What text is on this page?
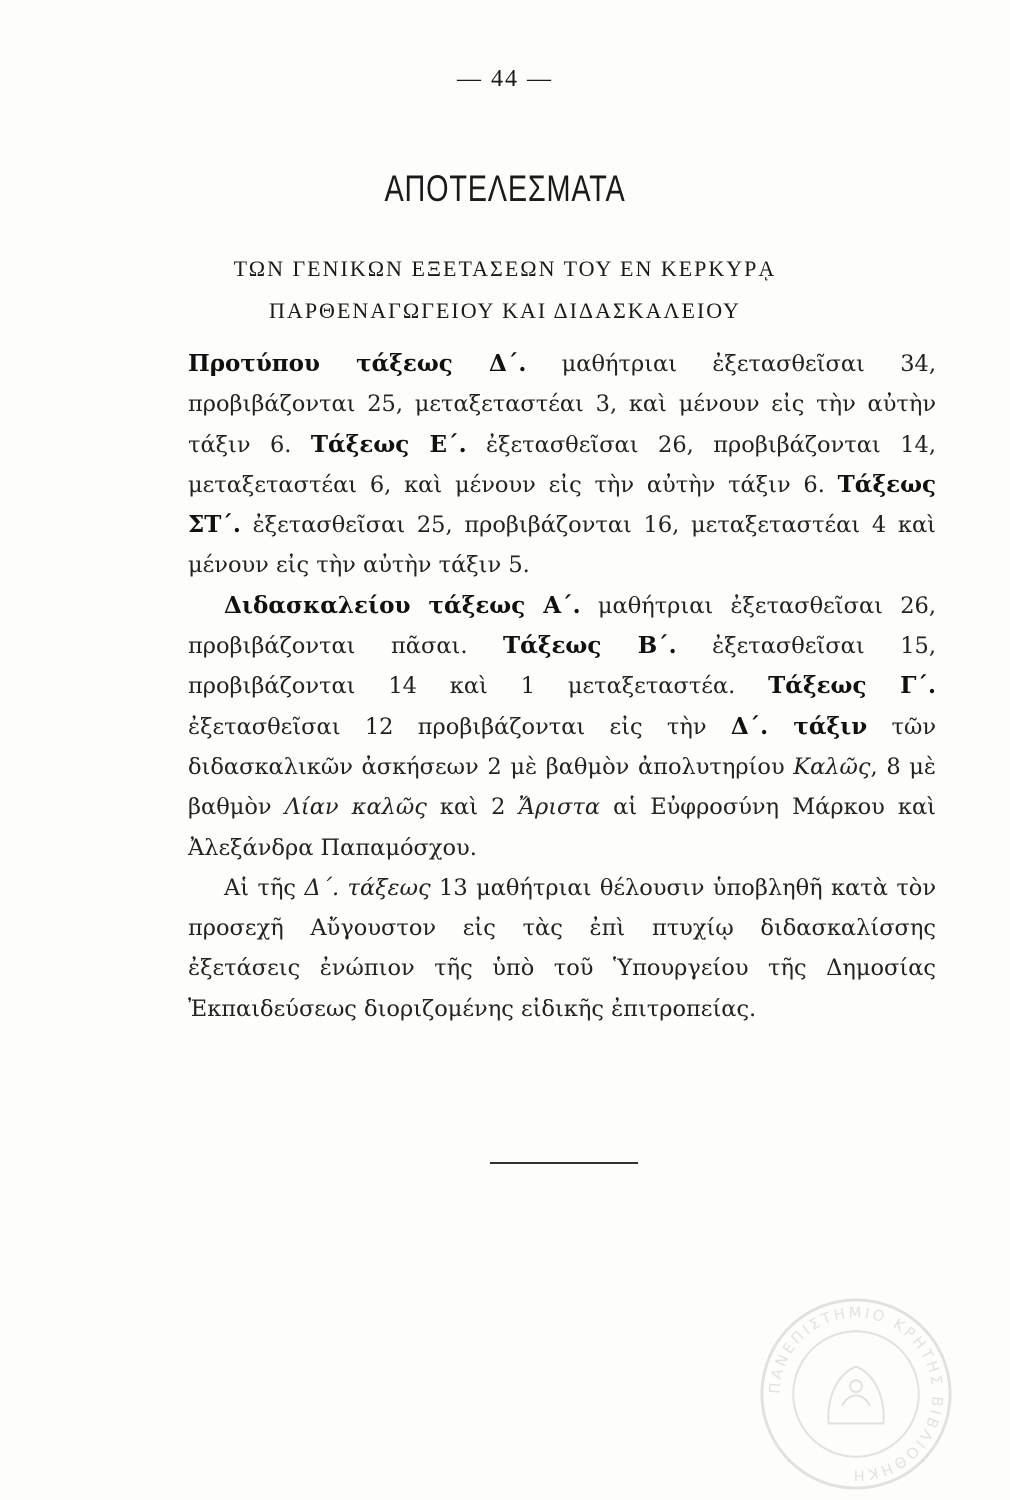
— 44 —
ΑΠΟΤΕΛΕΣΜΑΤΑ
ΤΩΝ ΓΕΝΙΚΩΝ ΕΞΕΤΑΣΕΩΝ ΤΟΥ ΕΝ ΚΕΡΚΥΡᾼ
ΠΑΡΘΕΝΑΓΩΓΕΙΟΥ ΚΑΙ ΔΙΔΑΣΚΑΛΕΙΟΥ

Προτύπου τάξεως Δ΄. μαθήτριαι ἐξετασθεῖσαι 34, προβιβάζονται 25, μεταξεταστέαι 3, καὶ μένουν εἰς τὴν αὐτὴν τάξιν 6. Τάξεως Ε΄. ἐξετασθεῖσαι 26, προβιβάζονται 14, μεταξεταστέαι 6, καὶ μένουν εἰς τὴν αὐτὴν τάξιν 6. Τάξεως ΣΤ΄. ἐξετασθεῖσαι 25, προβιβάζονται 16, μεταξεταστέαι 4 καὶ μένουν εἰς τὴν αὐτὴν τάξιν 5.

Διδασκαλείου τάξεως Α΄. μαθήτριαι ἐξετασθεῖσαι 26, προβιβάζονται πᾶσαι. Τάξεως Β΄. ἐξετασθεῖσαι 15, προβιβάζονται 14 καὶ 1 μεταξεταστέα. Τάξεως Γ΄. ἐξετασθεῖσαι 12 προβιβάζονται εἰς τὴν Δ΄. τάξιν τῶν διδασκαλικῶν ἀσκήσεων 2 μὲ βαθμὸν ἀπολυτηρίου Καλῶς, 8 μὲ βαθμὸν Λίαν καλῶς καὶ 2 Ἄριστα αἱ Εὐφροσύνη Μάρκου καὶ Ἀλεξάνδρα Παπαμόσχου.

Αἱ τῆς Δ΄. τάξεως 13 μαθήτριαι θέλουσιν ὑποβληθῆ κατὰ τὸν προσεχῆ Αὔγουστον εἰς τὰς ἐπὶ πτυχίῳ διδασκαλίσσης ἐξετάσεις ἐνώπιον τῆς ὑπὸ τοῦ Ὑπουργείου τῆς Δημοσίας Ἐκπαιδεύσεως διοριζομένης εἰδικῆς ἐπιτροπείας.

ΠΑΝΕΠΙΣΤΗΜΙΟ ΚΡΗΤΗΣ ΒΙΒΛΙΟΘΗΚΗ
